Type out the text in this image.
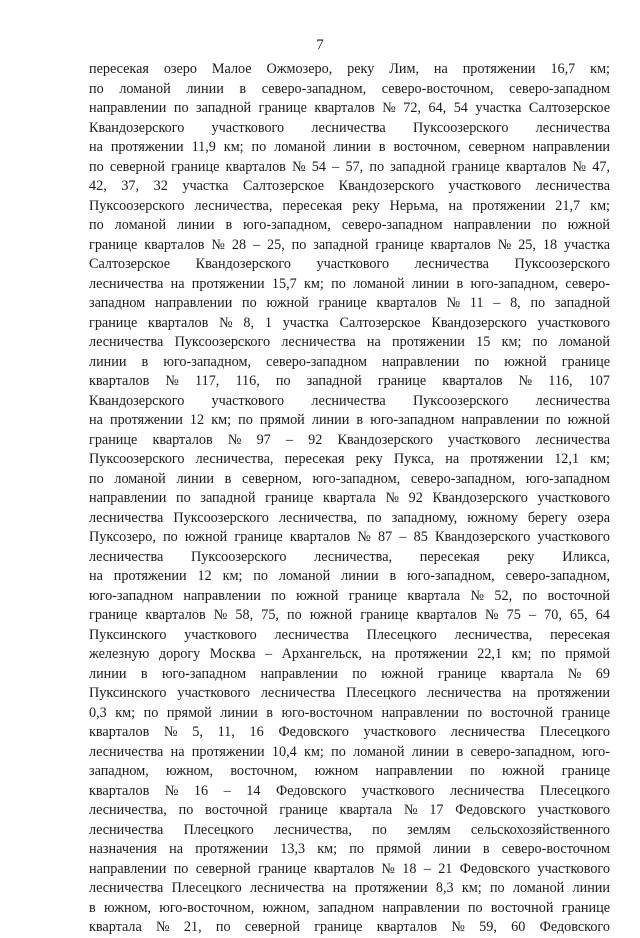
7
пересекая озеро Малое Ожмозеро, реку Лим, на протяжении 16,7 км;
по ломаной линии в северо-западном, северо-восточном, северо-западном
направлении по западной границе кварталов № 72, 64, 54 участка Салтозерское
Квандозерского участкового лесничества Пуксоозерского лесничества
на протяжении 11,9 км; по ломаной линии в восточном, северном направлении
по северной границе кварталов № 54 – 57, по западной границе кварталов № 47,
42, 37, 32 участка Салтозерское Квандозерского участкового лесничества
Пуксоозерского лесничества, пересекая реку Нерьма, на протяжении 21,7 км;
по ломаной линии в юго-западном, северо-западном направлении по южной
границе кварталов № 28 – 25, по западной границе кварталов № 25, 18 участка
Салтозерское Квандозерского участкового лесничества Пуксоозерского
лесничества на протяжении 15,7 км; по ломаной линии в юго-западном, северо-
западном направлении по южной границе кварталов № 11 – 8, по западной
границе кварталов № 8, 1 участка Салтозерское Квандозерского участкового
лесничества Пуксоозерского лесничества на протяжении 15 км; по ломаной
линии в юго-западном, северо-западном направлении по южной границе
кварталов № 117, 116, по западной границе кварталов № 116, 107
Квандозерского участкового лесничества Пуксоозерского лесничества
на протяжении 12 км; по прямой линии в юго-западном направлении по южной
границе кварталов № 97 – 92 Квандозерского участкового лесничества
Пуксоозерского лесничества, пересекая реку Пукса, на протяжении 12,1 км;
по ломаной линии в северном, юго-западном, северо-западном, юго-западном
направлении по западной границе квартала № 92 Квандозерского участкового
лесничества Пуксоозерского лесничества, по западному, южному берегу озера
Пуксозеро, по южной границе кварталов № 87 – 85 Квандозерского участкового
лесничества Пуксоозерского лесничества, пересекая реку Иликса,
на протяжении 12 км; по ломаной линии в юго-западном, северо-западном,
юго-западном направлении по южной границе квартала № 52, по восточной
границе кварталов № 58, 75, по южной границе кварталов № 75 – 70, 65, 64
Пуксинского участкового лесничества Плесецкого лесничества, пересекая
железную дорогу Москва – Архангельск, на протяжении 22,1 км; по прямой
линии в юго-западном направлении по южной границе квартала № 69
Пуксинского участкового лесничества Плесецкого лесничества на протяжении
0,3 км; по прямой линии в юго-восточном направлении по восточной границе
кварталов № 5, 11, 16 Федовского участкового лесничества Плесецкого
лесничества на протяжении 10,4 км; по ломаной линии в северо-западном, юго-
западном, южном, восточном, южном направлении по южной границе
кварталов № 16 – 14 Федовского участкового лесничества Плесецкого
лесничества, по восточной границе квартала № 17 Федовского участкового
лесничества Плесецкого лесничества, по землям сельскохозяйственного
назначения на протяжении 13,3 км; по прямой линии в северо-восточном
направлении по северной границе кварталов № 18 – 21 Федовского участкового
лесничества Плесецкого лесничества на протяжении 8,3 км; по ломаной линии
в южном, юго-восточном, южном, западном направлении по восточной границе
квартала № 21, по северной границе кварталов № 59, 60 Федовского
